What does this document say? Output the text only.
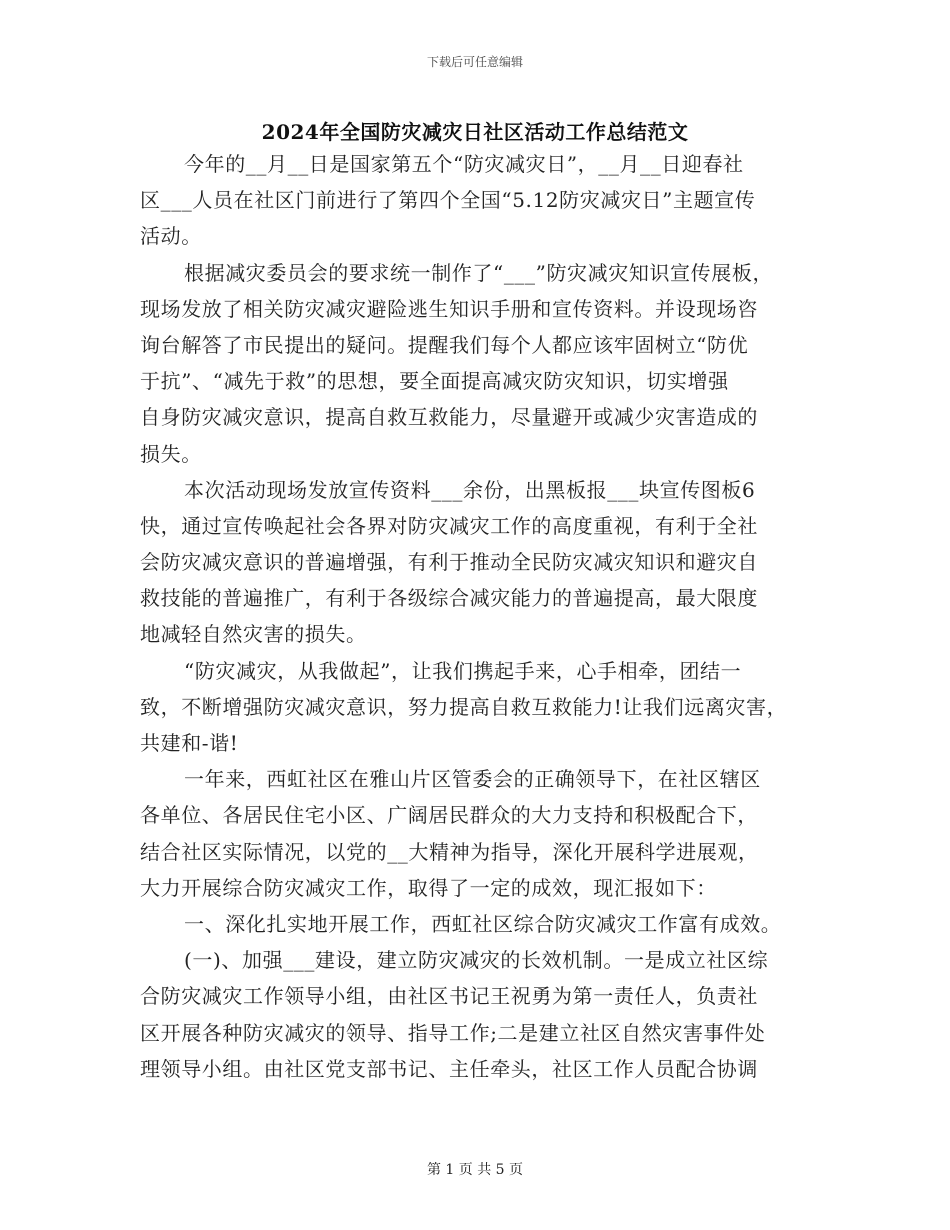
下载后可任意编辑
2024年全国防灾减灾日社区活动工作总结范文
今年的__月__日是国家第五个“防灾减灾日”，__月__日迎春社
区___人员在社区门前进行了第四个全国“5.12防灾减灾日”主题宣传
活动。
根据减灾委员会的要求统一制作了“___”防灾减灾知识宣传展板，
现场发放了相关防灾减灾避险逃生知识手册和宣传资料。并设现场咨
询台解答了市民提出的疑问。提醒我们每个人都应该牢固树立“防优
于抗”、“减先于救”的思想，要全面提高减灾防灾知识，切实增强
自身防灾减灾意识，提高自救互救能力，尽量避开或减少灾害造成的
损失。
本次活动现场发放宣传资料___余份，出黑板报___块宣传图板6
快，通过宣传唤起社会各界对防灾减灾工作的高度重视，有利于全社
会防灾减灾意识的普遍增强，有利于推动全民防灾减灾知识和避灾自
救技能的普遍推广，有利于各级综合减灾能力的普遍提高，最大限度
地减轻自然灾害的损失。
“防灾减灾，从我做起”，让我们携起手来，心手相牵，团结一
致，不断增强防灾减灾意识，努力提高自救互救能力!让我们远离灾害，
共建和-谐!
一年来，西虹社区在雅山片区管委会的正确领导下，在社区辖区
各单位、各居民住宅小区、广阔居民群众的大力支持和积极配合下，
结合社区实际情况，以党的__大精神为指导，深化开展科学进展观，
大力开展综合防灾减灾工作，取得了一定的成效，现汇报如下：
一、深化扎实地开展工作，西虹社区综合防灾减灾工作富有成效。
(一)、加强___建设，建立防灾减灾的长效机制。一是成立社区综
合防灾减灾工作领导小组，由社区书记王祝勇为第一责任人，负责社
区开展各种防灾减灾的领导、指导工作;二是建立社区自然灾害事件处
理领导小组。由社区党支部书记、主任牵头，社区工作人员配合协调
第 1 页 共 5 页
